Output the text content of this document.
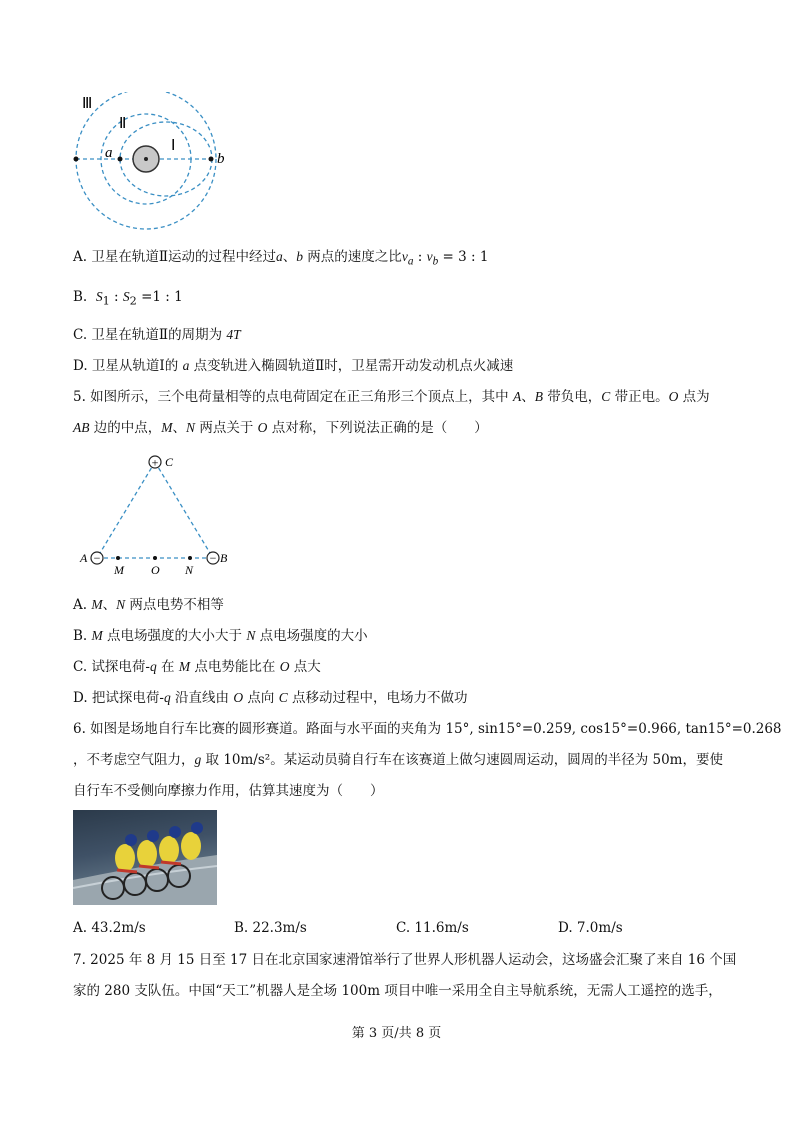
Ⅲ
Ⅱ
Ⅰ
a	b
A. 卫星在轨道Ⅱ运动的过程中经过a、b 两点的速度之比$v_a$ : $v_b = 3$ : 1
B. $S_1$ : $S_2 =1$ : 1
C. 卫星在轨道Ⅱ的周期为 4T
D. 卫星从轨道Ⅰ的 a 点变轨进入椭圆轨道Ⅱ时，卫星需开动发动机点火减速
5. 如图所示，三个电荷量相等的点电荷固定在正三角形三个顶点上，其中 A、B 带负电，C 带正电。O 点为
AB 边的中点，M、N 两点关于 O 点对称，下列说法正确的是（　　）
+
−	−
C
A	B
M O N
A. M、N 两点电势不相等
B. M 点电场强度的大小大于 N 点电场强度的大小
C. 试探电荷-q 在 M 点电势能比在 O 点大
D. 把试探电荷-q 沿直线由 O 点向 C 点移动过程中，电场力不做功
6. 如图是场地自行车比赛的圆形赛道。路面与水平面的夹角为 15°, sin15°=0.259, cos15°=0.966, tan15°=0.268
，不考虑空气阻力，g 取 10m/s²。某运动员骑自行车在该赛道上做匀速圆周运动，圆周的半径为 50m，要使
自行车不受侧向摩擦力作用，估算其速度为（　　）
A. 43.2m/s	B. 22.3m/s	C. 11.6m/s	D. 7.0m/s
7. 2025 年 8 月 15 日至 17 日在北京国家速滑馆举行了世界人形机器人运动会，这场盛会汇聚了来自 16 个国
家的 280 支队伍。中国“天工”机器人是全场 100m 项目中唯一采用全自主导航系统，无需人工遥控的选手，
第 3 页/共 8 页
